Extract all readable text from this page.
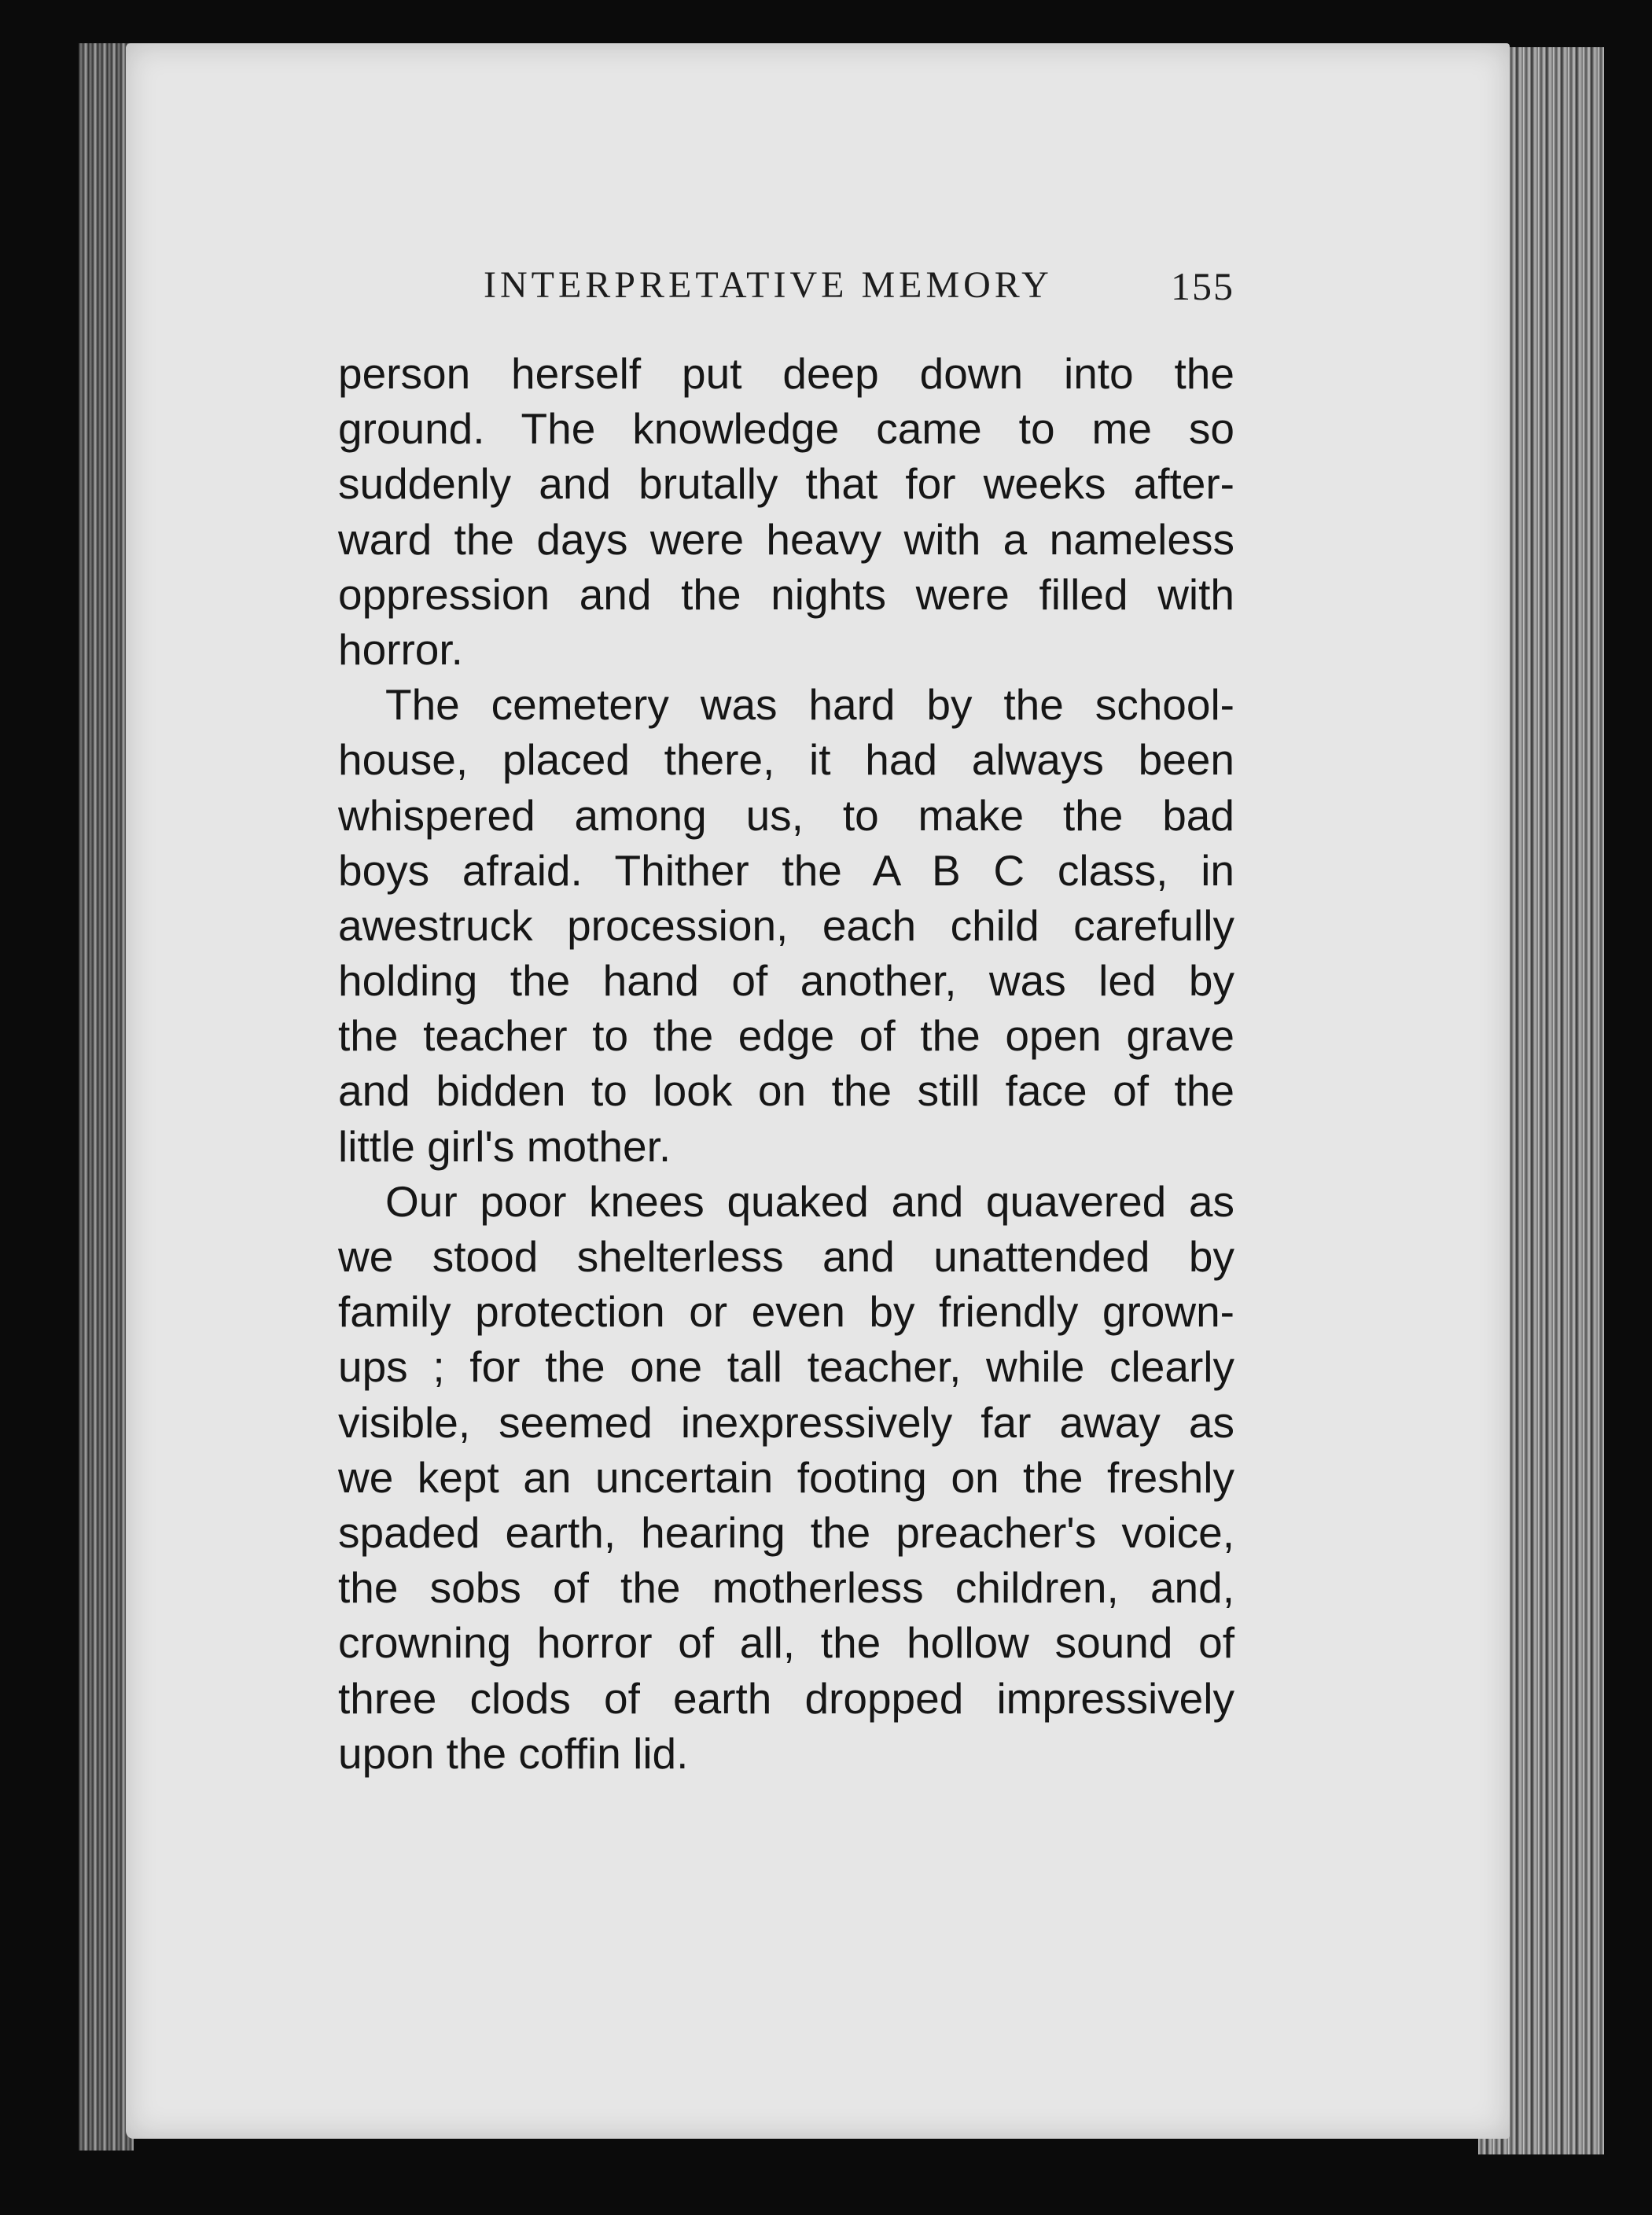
INTERPRETATIVE MEMORY	155
person herself put deep down into the
ground. The knowledge came to me so
suddenly and brutally that for weeks after-
ward the days were heavy with a nameless
oppression and the nights were filled with
horror.
The cemetery was hard by the school-
house, placed there, it had always been
whispered among us, to make the bad
boys afraid. Thither the A B C class, in
awestruck procession, each child carefully
holding the hand of another, was led by
the teacher to the edge of the open grave
and bidden to look on the still face of the
little girl's mother.
Our poor knees quaked and quavered as
we stood shelterless and unattended by
family protection or even by friendly grown-
ups ; for the one tall teacher, while clearly
visible, seemed inexpressively far away as
we kept an uncertain footing on the freshly
spaded earth, hearing the preacher's voice,
the sobs of the motherless children, and,
crowning horror of all, the hollow sound of
three clods of earth dropped impressively
upon the coffin lid.
